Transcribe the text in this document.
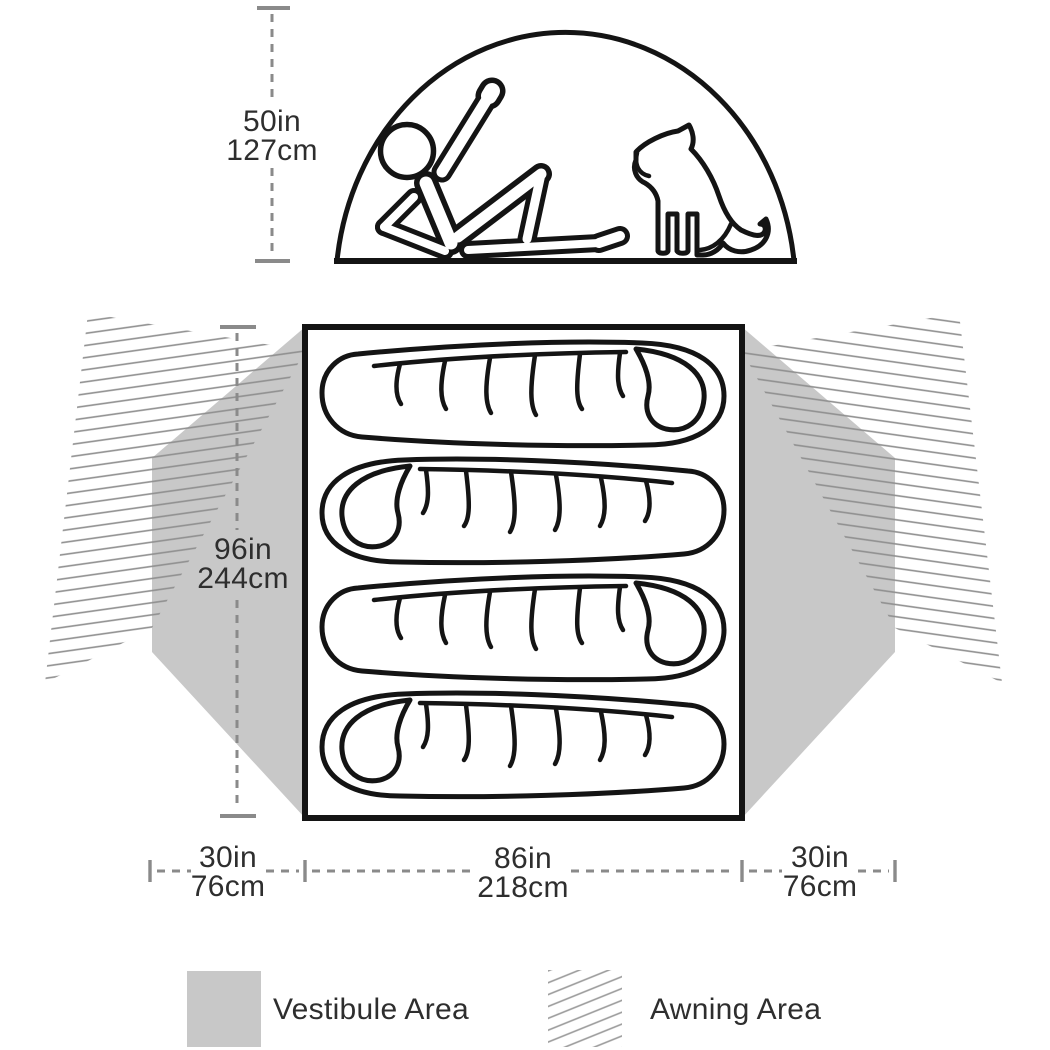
50in
127cm
96in
244cm
30in
76cm
86in
218cm
30in
76cm
Vestibule Area	Awning Area
